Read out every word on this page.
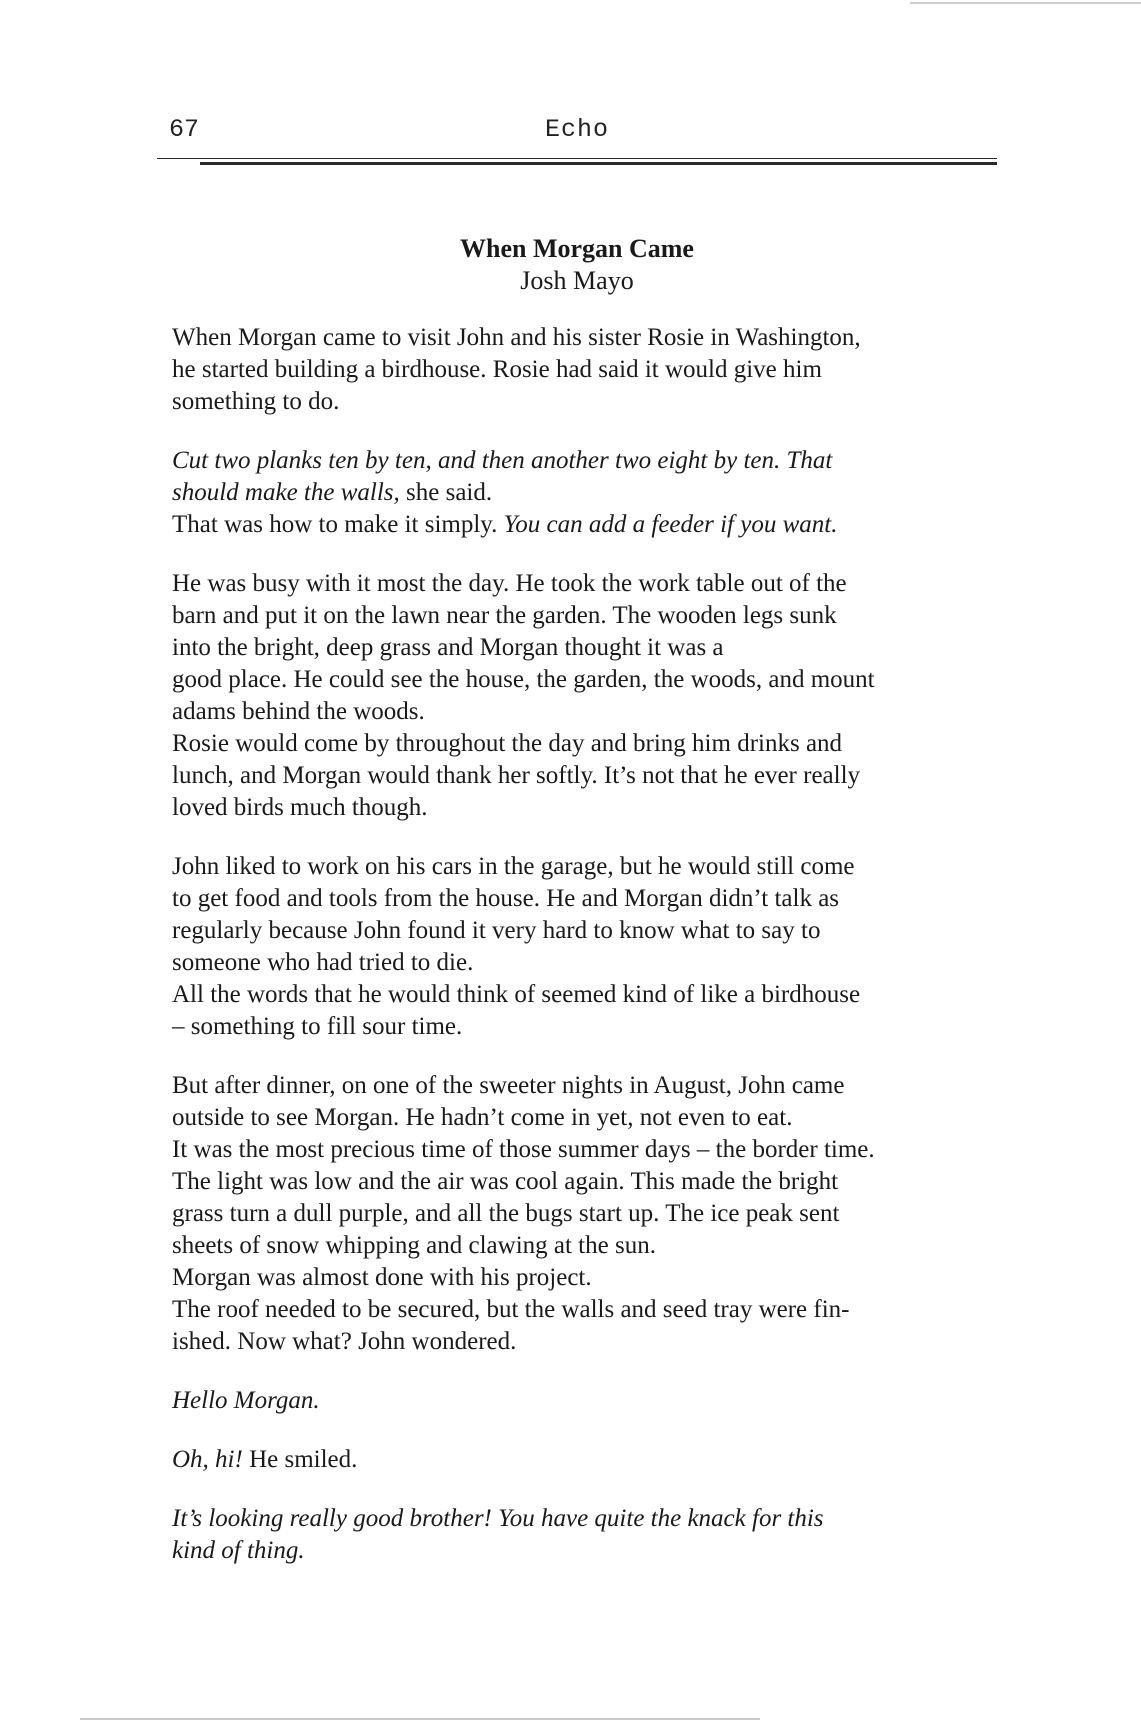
67	Echo
When Morgan Came
Josh Mayo
When Morgan came to visit John and his sister Rosie in Washington,
he started building a birdhouse. Rosie had said it would give him
something to do.
Cut two planks ten by ten, and then another two eight by ten. That
should make the walls, she said.
That was how to make it simply. You can add a feeder if you want.
He was busy with it most the day. He took the work table out of the
barn and put it on the lawn near the garden. The wooden legs sunk
into the bright, deep grass and Morgan thought it was a
good place. He could see the house, the garden, the woods, and mount
adams behind the woods.
Rosie would come by throughout the day and bring him drinks and
lunch, and Morgan would thank her softly. It’s not that he ever really
loved birds much though.
John liked to work on his cars in the garage, but he would still come
to get food and tools from the house. He and Morgan didn’t talk as
regularly because John found it very hard to know what to say to
someone who had tried to die.
All the words that he would think of seemed kind of like a birdhouse
– something to fill sour time.
But after dinner, on one of the sweeter nights in August, John came
outside to see Morgan. He hadn’t come in yet, not even to eat.
It was the most precious time of those summer days – the border time.
The light was low and the air was cool again. This made the bright
grass turn a dull purple, and all the bugs start up. The ice peak sent
sheets of snow whipping and clawing at the sun.
Morgan was almost done with his project.
The roof needed to be secured, but the walls and seed tray were fin-
ished. Now what? John wondered.
Hello Morgan.
Oh, hi! He smiled.
It’s looking really good brother! You have quite the knack for this
kind of thing.
